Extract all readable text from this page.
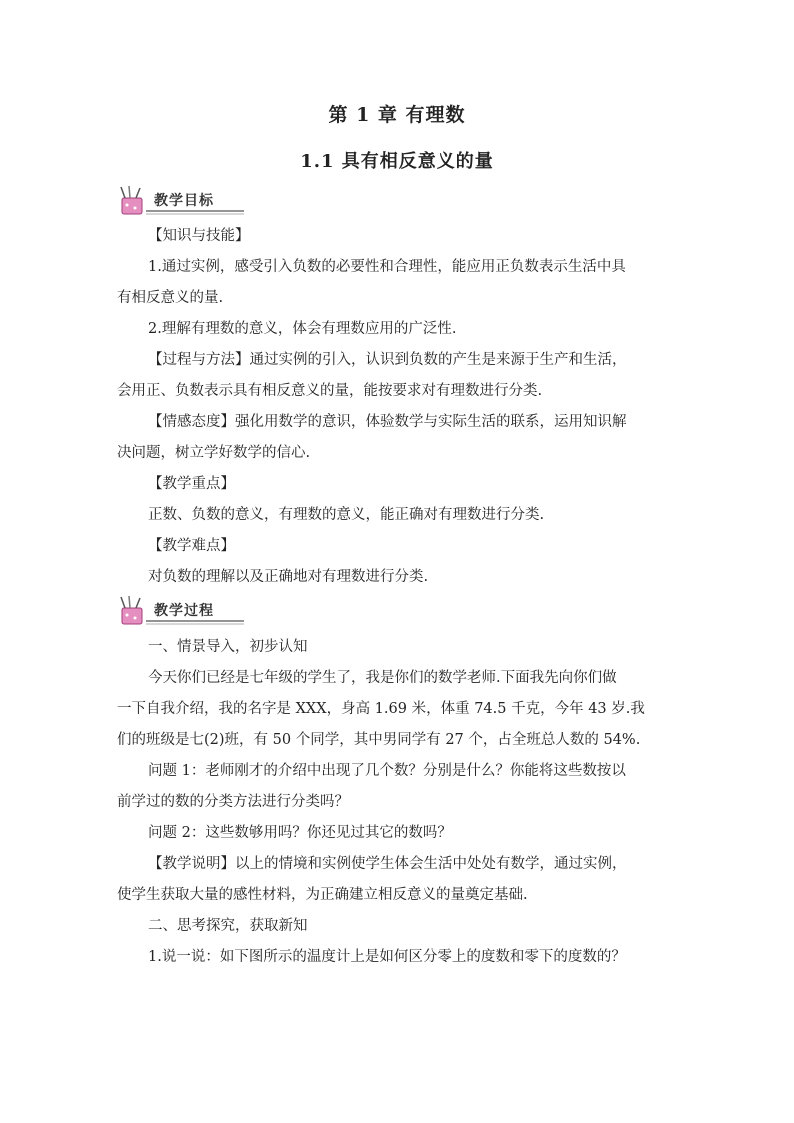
第 1 章 有理数
1.1 具有相反意义的量
教学目标
【知识与技能】
1.通过实例，感受引入负数的必要性和合理性，能应用正负数表示生活中具
有相反意义的量.
2.理解有理数的意义，体会有理数应用的广泛性.
【过程与方法】通过实例的引入，认识到负数的产生是来源于生产和生活，
会用正、负数表示具有相反意义的量，能按要求对有理数进行分类.
【情感态度】强化用数学的意识，体验数学与实际生活的联系，运用知识解
决问题，树立学好数学的信心.
【教学重点】
正数、负数的意义，有理数的意义，能正确对有理数进行分类.
【教学难点】
对负数的理解以及正确地对有理数进行分类.
教学过程
一、情景导入，初步认知
今天你们已经是七年级的学生了，我是你们的数学老师.下面我先向你们做
一下自我介绍，我的名字是 XXX，身高 1.69 米，体重 74.5 千克，今年 43 岁.我
们的班级是七(2)班，有 50 个同学，其中男同学有 27 个，占全班总人数的 54%.
问题 1：老师刚才的介绍中出现了几个数？分别是什么？你能将这些数按以
前学过的数的分类方法进行分类吗？
问题 2：这些数够用吗？你还见过其它的数吗？
【教学说明】以上的情境和实例使学生体会生活中处处有数学，通过实例，
使学生获取大量的感性材料，为正确建立相反意义的量奠定基础.
二、思考探究，获取新知
1.说一说：如下图所示的温度计上是如何区分零上的度数和零下的度数的？
